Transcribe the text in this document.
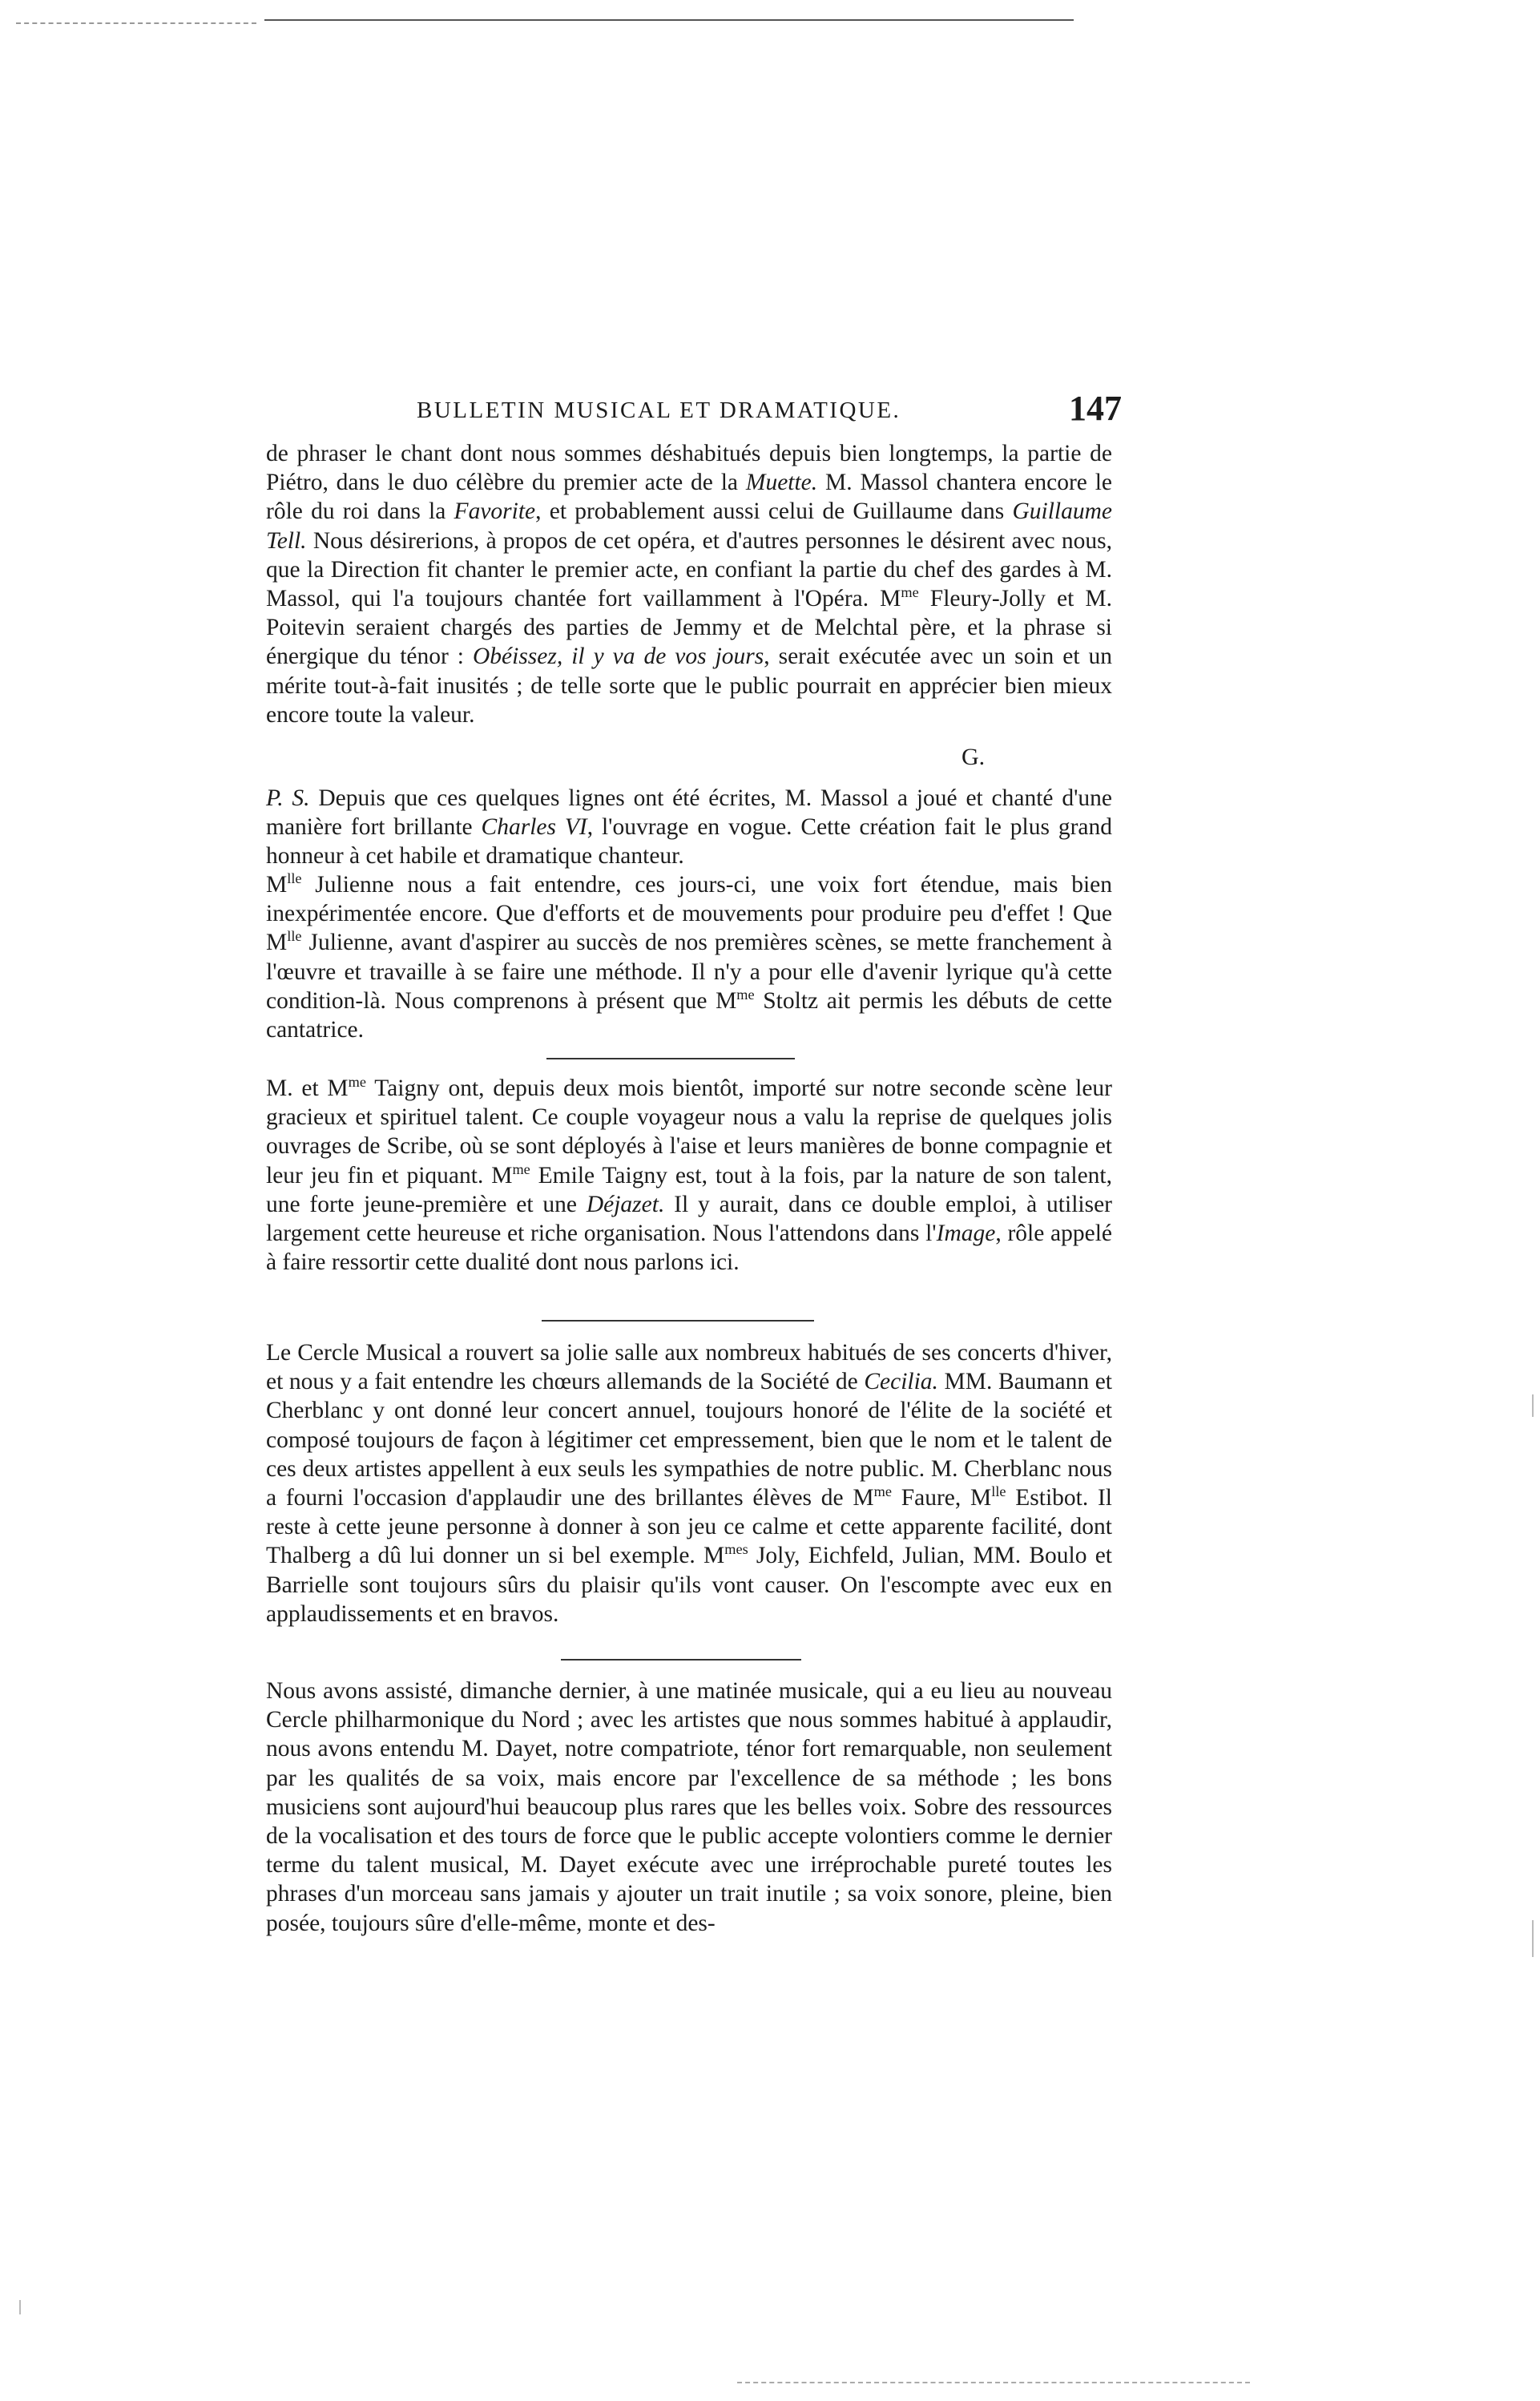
BULLETIN MUSICAL ET DRAMATIQUE.	147

de phraser le chant dont nous sommes déshabitués depuis bien longtemps, la partie de Piétro, dans le duo célèbre du premier acte de la Muette. M. Massol chantera encore le rôle du roi dans la Favorite, et probablement aussi celui de Guillaume dans Guillaume Tell. Nous désirerions, à propos de cet opéra, et d'autres personnes le désirent avec nous, que la Direction fit chanter le premier acte, en confiant la partie du chef des gardes à M. Massol, qui l'a toujours chantée fort vaillamment à l'Opéra. $M^{me}$ Fleury-Jolly et M. Poitevin seraient chargés des parties de Jemmy et de Melchtal père, et la phrase si énergique du ténor : Obéissez, il y va de vos jours, serait exécutée avec un soin et un mérite tout-à-fait inusités ; de telle sorte que le public pourrait en apprécier bien mieux encore toute la valeur.

G.

P. S. Depuis que ces quelques lignes ont été écrites, M. Massol a joué et chanté d'une manière fort brillante Charles VI, l'ouvrage en vogue. Cette création fait le plus grand honneur à cet habile et dramatique chanteur.

$M^{lle}$ Julienne nous a fait entendre, ces jours-ci, une voix fort étendue, mais bien inexpérimentée encore. Que d'efforts et de mouvements pour produire peu d'effet ! Que $M^{lle}$ Julienne, avant d'aspirer au succès de nos premières scènes, se mette franchement à l'œuvre et travaille à se faire une méthode. Il n'y a pour elle d'avenir lyrique qu'à cette condition-là. Nous comprenons à présent que $M^{me}$ Stoltz ait permis les débuts de cette cantatrice.

M. et $M^{me}$ Taigny ont, depuis deux mois bientôt, importé sur notre seconde scène leur gracieux et spirituel talent. Ce couple voyageur nous a valu la reprise de quelques jolis ouvrages de Scribe, où se sont déployés à l'aise et leurs manières de bonne compagnie et leur jeu fin et piquant. $M^{me}$ Emile Taigny est, tout à la fois, par la nature de son talent, une forte jeune-première et une Déjazet. Il y aurait, dans ce double emploi, à utiliser largement cette heureuse et riche organisation. Nous l'attendons dans l'Image, rôle appelé à faire ressortir cette dualité dont nous parlons ici.

Le Cercle Musical a rouvert sa jolie salle aux nombreux habitués de ses concerts d'hiver, et nous y a fait entendre les chœurs allemands de la Société de Cecilia. MM. Baumann et Cherblanc y ont donné leur concert annuel, toujours honoré de l'élite de la société et composé toujours de façon à légitimer cet empressement, bien que le nom et le talent de ces deux artistes appellent à eux seuls les sympathies de notre public. M. Cherblanc nous a fourni l'occasion d'applaudir une des brillantes élèves de $M^{me}$ Faure, $M^{lle}$ Estibot. Il reste à cette jeune personne à donner à son jeu ce calme et cette apparente facilité, dont Thalberg a dû lui donner un si bel exemple. $M^{mes}$ Joly, Eichfeld, Julian, MM. Boulo et Barrielle sont toujours sûrs du plaisir qu'ils vont causer. On l'escompte avec eux en applaudissements et en bravos.

Nous avons assisté, dimanche dernier, à une matinée musicale, qui a eu lieu au nouveau Cercle philharmonique du Nord ; avec les artistes que nous sommes habitué à applaudir, nous avons entendu M. Dayet, notre compatriote, ténor fort remarquable, non seulement par les qualités de sa voix, mais encore par l'excellence de sa méthode ; les bons musiciens sont aujourd'hui beaucoup plus rares que les belles voix. Sobre des ressources de la vocalisation et des tours de force que le public accepte volontiers comme le dernier terme du talent musical, M. Dayet exécute avec une irréprochable pureté toutes les phrases d'un morceau sans jamais y ajouter un trait inutile ; sa voix sonore, pleine, bien posée, toujours sûre d'elle-même, monte et des-
